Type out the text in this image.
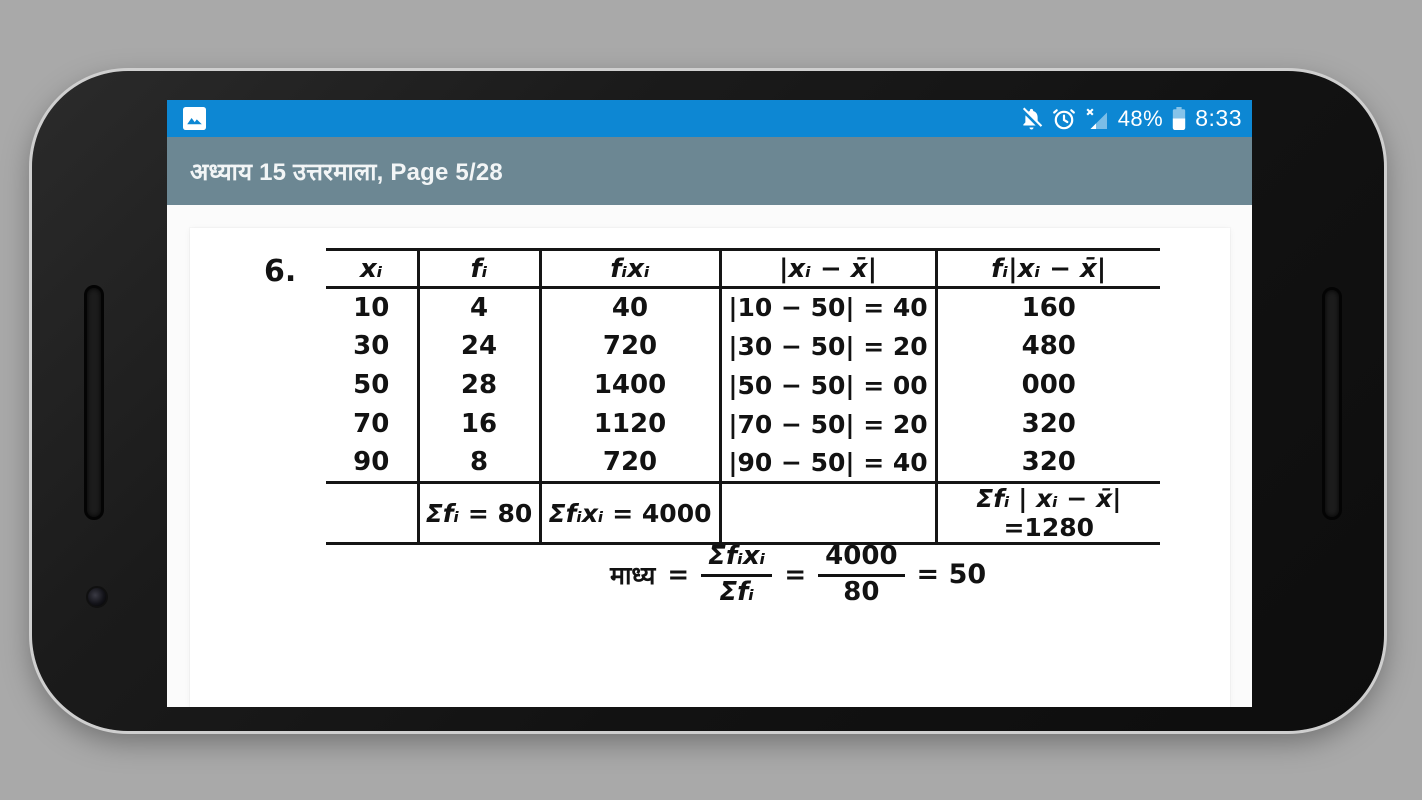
48% 8:33
अध्याय 15 उत्तरमाला, Page 5/28
6. xᵢ	fᵢ	fᵢxᵢ	|xᵢ − x̄|	fᵢ|xᵢ − x̄|
10	4	40	|10 − 50| = 40	160
30	24	720	|30 − 50| = 20	480
50	28	1400	|50 − 50| = 00	000
70	16	1120	|70 − 50| = 20	320
90	8	720	|90 − 50| = 40	320
	Σfᵢ = 80	Σfᵢxᵢ = 4000		Σfᵢ | xᵢ − x̄| =1280
माध्य = $\frac{\text{Σfᵢxᵢ}}{\text{Σfᵢ}} = \frac{4000}{80} = 50$
